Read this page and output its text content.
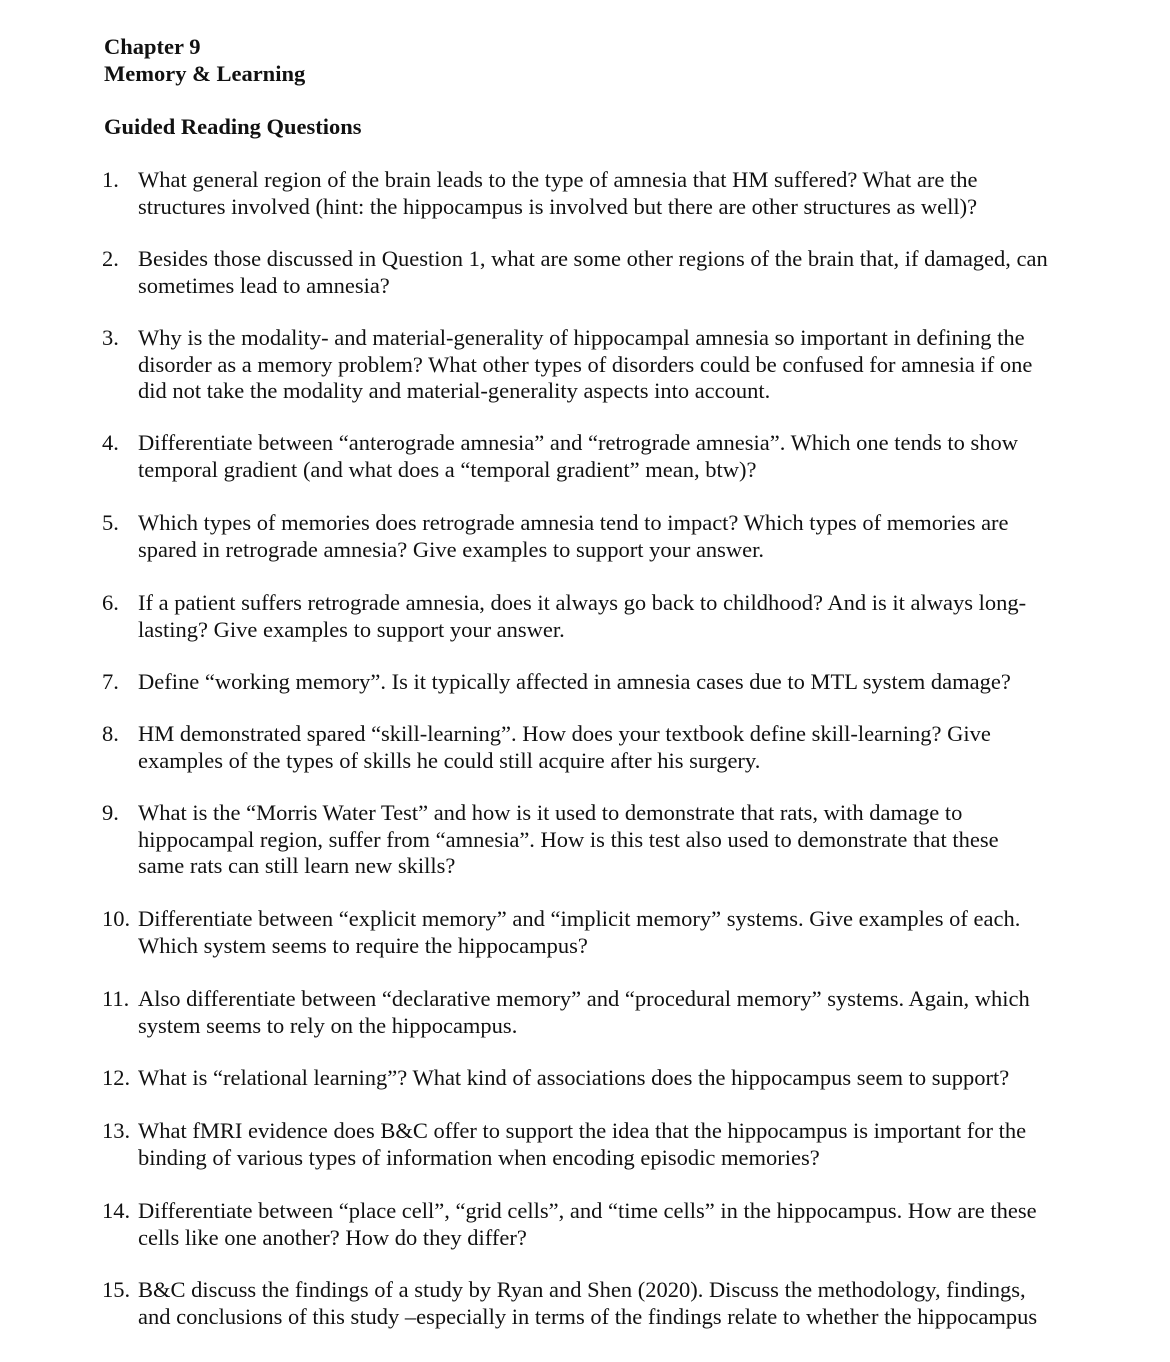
Chapter 9
Memory & Learning
Guided Reading Questions
1. What general region of the brain leads to the type of amnesia that HM suffered? What are the
structures involved (hint: the hippocampus is involved but there are other structures as well)?
2. Besides those discussed in Question 1, what are some other regions of the brain that, if damaged, can
sometimes lead to amnesia?
3. Why is the modality- and material-generality of hippocampal amnesia so important in defining the
disorder as a memory problem? What other types of disorders could be confused for amnesia if one
did not take the modality and material-generality aspects into account.
4. Differentiate between “anterograde amnesia” and “retrograde amnesia”. Which one tends to show
temporal gradient (and what does a “temporal gradient” mean, btw)?
5. Which types of memories does retrograde amnesia tend to impact? Which types of memories are
spared in retrograde amnesia? Give examples to support your answer.
6. If a patient suffers retrograde amnesia, does it always go back to childhood? And is it always long-
lasting? Give examples to support your answer.
7. Define “working memory”. Is it typically affected in amnesia cases due to MTL system damage?
8. HM demonstrated spared “skill-learning”. How does your textbook define skill-learning? Give
examples of the types of skills he could still acquire after his surgery.
9. What is the “Morris Water Test” and how is it used to demonstrate that rats, with damage to
hippocampal region, suffer from “amnesia”. How is this test also used to demonstrate that these
same rats can still learn new skills?
10. Differentiate between “explicit memory” and “implicit memory” systems. Give examples of each.
Which system seems to require the hippocampus?
11. Also differentiate between “declarative memory” and “procedural memory” systems. Again, which
system seems to rely on the hippocampus.
12. What is “relational learning”? What kind of associations does the hippocampus seem to support?
13. What fMRI evidence does B&C offer to support the idea that the hippocampus is important for the
binding of various types of information when encoding episodic memories?
14. Differentiate between “place cell”, “grid cells”, and “time cells” in the hippocampus. How are these
cells like one another? How do they differ?
15. B&C discuss the findings of a study by Ryan and Shen (2020). Discuss the methodology, findings,
and conclusions of this study –especially in terms of the findings relate to whether the hippocampus
